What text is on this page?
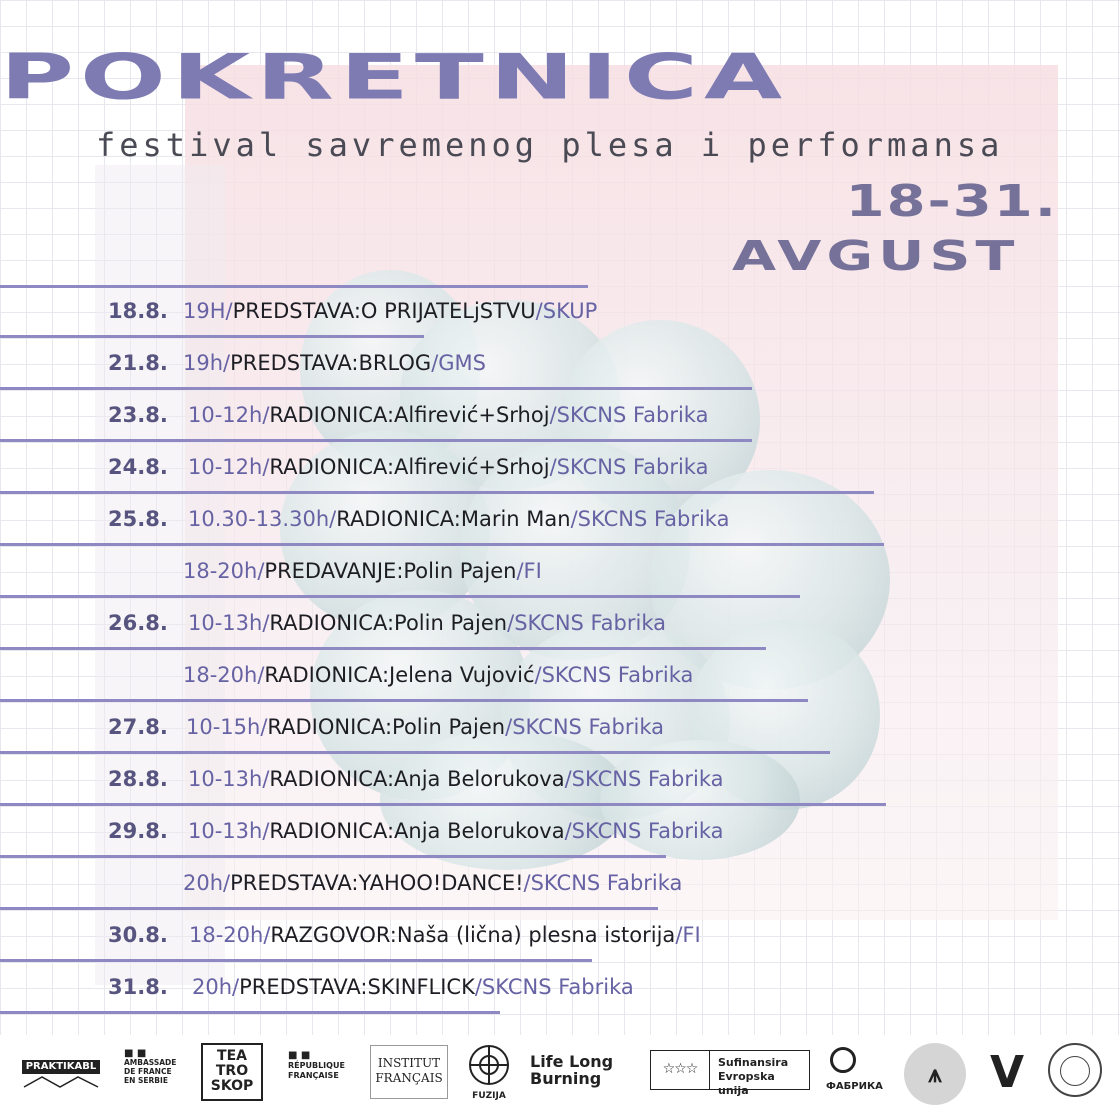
POKRETNICA
festival savremenog plesa i performansa
18-31.
AVGUST
18.8. 19H/PREDSTAVA:O PRIJATELjSTVU/SKUP
21.8. 19h/PREDSTAVA:BRLOG/GMS
23.8. 10-12h/RADIONICA:Alfirević+Srhoj/SKCNS Fabrika
24.8. 10-12h/RADIONICA:Alfirević+Srhoj/SKCNS Fabrika
25.8. 10.30-13.30h/RADIONICA:Marin Man/SKCNS Fabrika
18-20h/PREDAVANJE:Polin Pajen/FI
26.8. 10-13h/RADIONICA:Polin Pajen/SKCNS Fabrika
18-20h/RADIONICA:Jelena Vujović/SKCNS Fabrika
27.8. 10-15h/RADIONICA:Polin Pajen/SKCNS Fabrika
28.8. 10-13h/RADIONICA:Anja Belorukova/SKCNS Fabrika
29.8. 10-13h/RADIONICA:Anja Belorukova/SKCNS Fabrika
20h/PREDSTAVA:YAHOO!DANCE!/SKCNS Fabrika
30.8. 18-20h/RAZGOVOR:Naša (lična) plesna istorija/FI
31.8. 20h/PREDSTAVA:SKINFLICK/SKCNS Fabrika
PRAKTIKABL
■ ■
AMBASSADE DE FRANCE EN SERBIE
TEA TRO SKOP
■ ■
RÉPUBLIQUE FRANÇAISE
INSTITUT FRANÇAIS
FUZIJA
Life Long Burning	☆☆☆	Sufinansira
Evropska unija	ФАБРИКА	⩚	V
